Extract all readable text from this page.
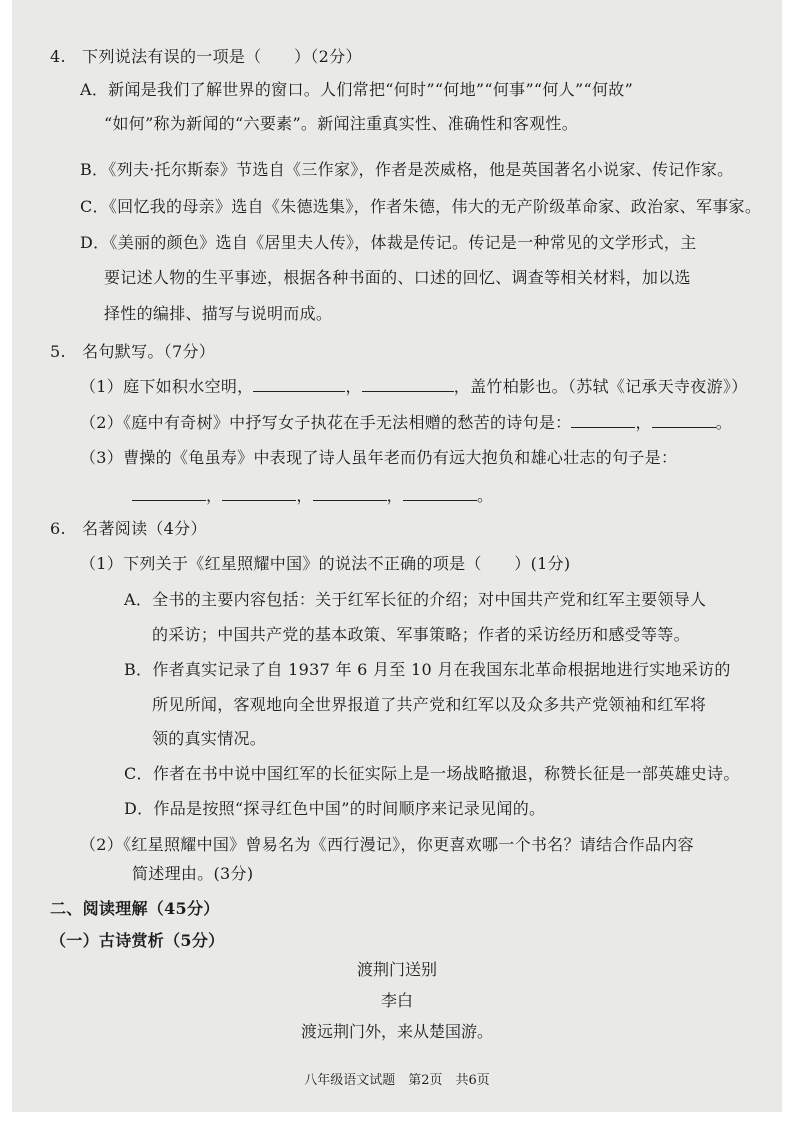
4.　下列说法有误的一项是（　　）（2分）
A．新闻是我们了解世界的窗口。人们常把“何时”“何地”“何事”“何人”“何故”
“如何”称为新闻的“六要素”。新闻注重真实性、准确性和客观性。
B．《列夫·托尔斯泰》节选自《三作家》，作者是茨威格，他是英国著名小说家、传记作家。
C．《回忆我的母亲》选自《朱德选集》，作者朱德，伟大的无产阶级革命家、政治家、军事家。
D．《美丽的颜色》选自《居里夫人传》，体裁是传记。传记是一种常见的文学形式，主
要记述人物的生平事迹，根据各种书面的、口述的回忆、调查等相关材料，加以选
择性的编排、描写与说明而成。
5.　名句默写。（7分）
（1）庭下如积水空明，	，	，盖竹柏影也。（苏轼《记承天寺夜游》）
（2）《庭中有奇树》中抒写女子执花在手无法相赠的愁苦的诗句是：	，	。
（3）曹操的《龟虽寿》中表现了诗人虽年老而仍有远大抱负和雄心壮志的句子是：
，	，	，	。
6.　名著阅读（4分）
（1）下列关于《红星照耀中国》的说法不正确的项是（　　）(1分)
A．全书的主要内容包括：关于红军长征的介绍；对中国共产党和红军主要领导人
的采访；中国共产党的基本政策、军事策略；作者的采访经历和感受等等。
B．作者真实记录了自 1937 年 6 月至 10 月在我国东北革命根据地进行实地采访的
所见所闻，客观地向全世界报道了共产党和红军以及众多共产党领袖和红军将
领的真实情况。
C．作者在书中说中国红军的长征实际上是一场战略撤退，称赞长征是一部英雄史诗。
D．作品是按照“探寻红色中国”的时间顺序来记录见闻的。
（2）《红星照耀中国》曾易名为《西行漫记》，你更喜欢哪一个书名？请结合作品内容
简述理由。(3分)
二、阅读理解（45分）
（一）古诗赏析（5分）
渡荆门送别
李白
渡远荆门外，来从楚国游。
八年级语文试题　第2页　共6页
